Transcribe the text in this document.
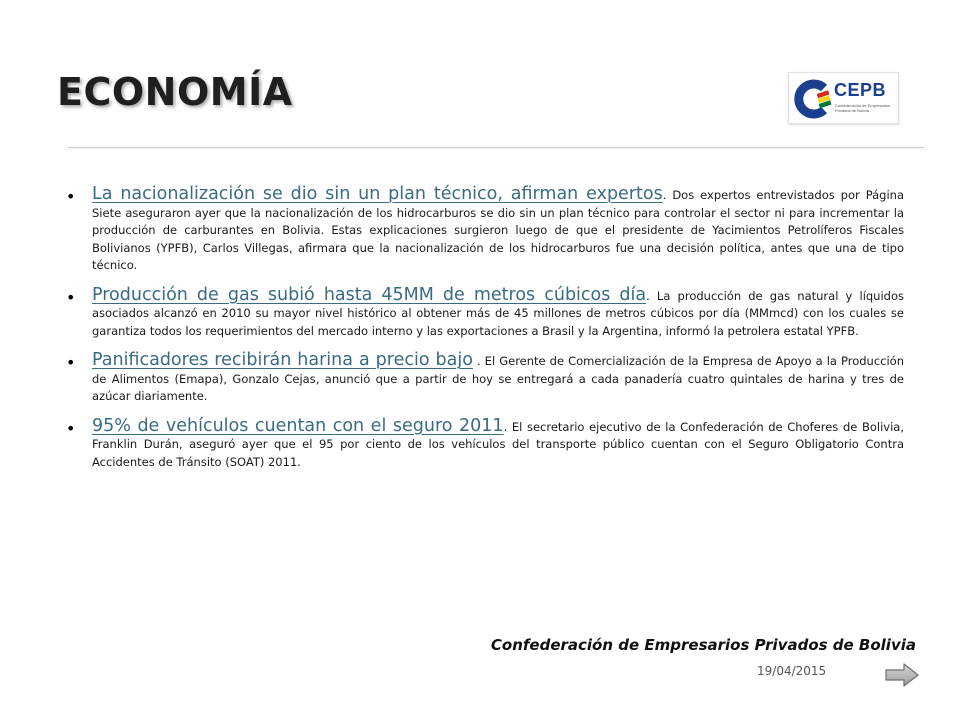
ECONOMÍA	CEPB
Confederación de Empresarios Privados de Bolivia
• La nacionalización se dio sin un plan técnico, afirman expertos. Dos expertos entrevistados por Página Siete aseguraron ayer que la nacionalización de los hidrocarburos se dio sin un plan técnico para controlar el sector ni para incrementar la producción de carburantes en Bolivia. Estas explicaciones surgieron luego de que el presidente de Yacimientos Petrolíferos Fiscales Bolivianos (YPFB), Carlos Villegas, afirmara que la nacionalización de los hidrocarburos fue una decisión política, antes que una de tipo técnico.
• Producción de gas subió hasta 45MM de metros cúbicos día. La producción de gas natural y líquidos asociados alcanzó en 2010 su mayor nivel histórico al obtener más de 45 millones de metros cúbicos por día (MMmcd) con los cuales se garantiza todos los requerimientos del mercado interno y las exportaciones a Brasil y la Argentina, informó la petrolera estatal YPFB.
• Panificadores recibirán harina a precio bajo . El Gerente de Comercialización de la Empresa de Apoyo a la Producción de Alimentos (Emapa), Gonzalo Cejas, anunció que a partir de hoy se entregará a cada panadería cuatro quintales de harina y tres de azúcar diariamente.
• 95% de vehículos cuentan con el seguro 2011. El secretario ejecutivo de la Confederación de Choferes de Bolivia, Franklin Durán, aseguró ayer que el 95 por ciento de los vehículos del transporte público cuentan con el Seguro Obligatorio Contra Accidentes de Tránsito (SOAT) 2011.
Confederación de Empresarios Privados de Bolivia
19/04/2015
